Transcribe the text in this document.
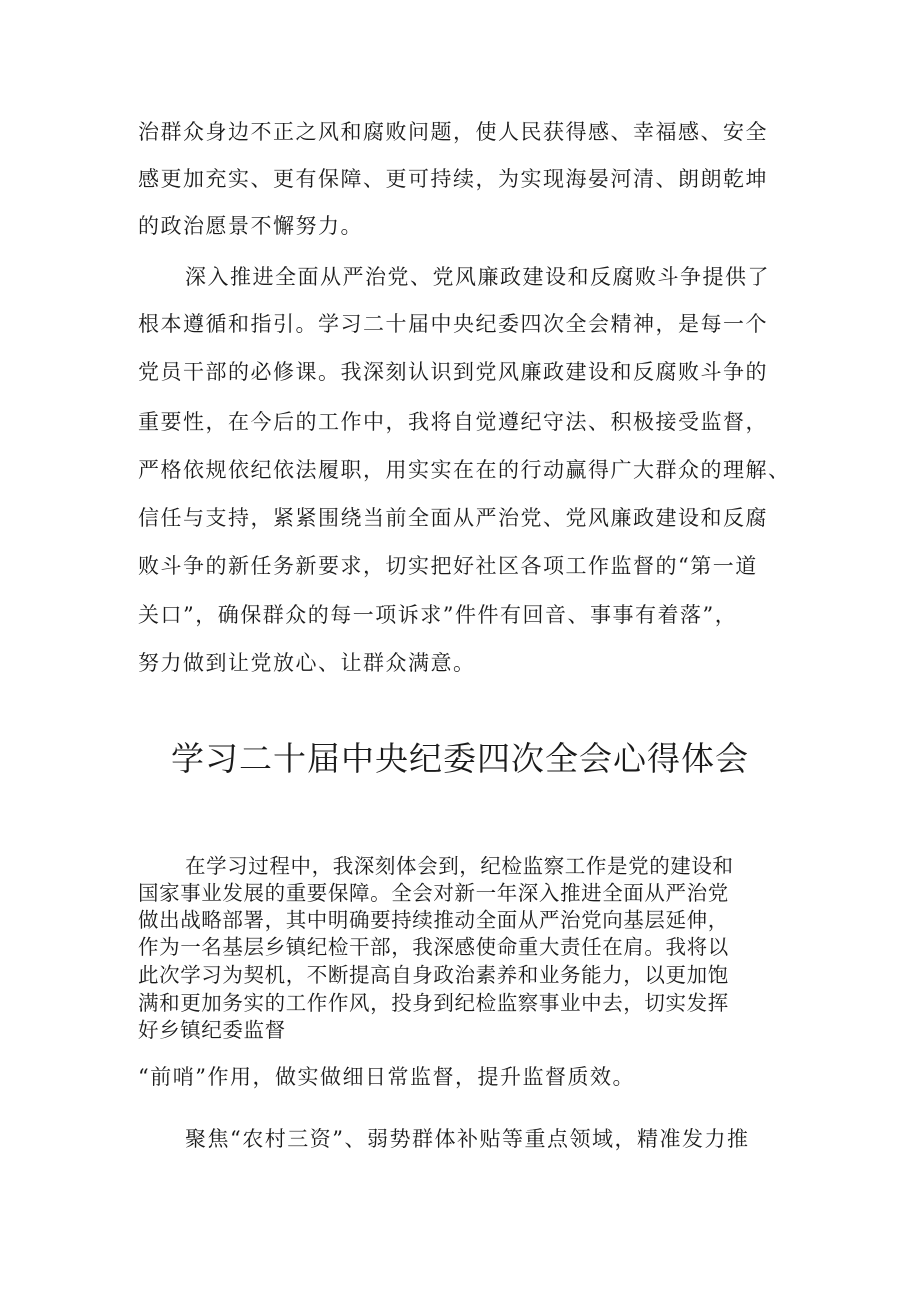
治群众身边不正之风和腐败问题，使人民获得感、幸福感、安全
感更加充实、更有保障、更可持续，为实现海晏河清、朗朗乾坤
的政治愿景不懈努力。
深入推进全面从严治党、党风廉政建设和反腐败斗争提供了
根本遵循和指引。学习二十届中央纪委四次全会精神，是每一个
党员干部的必修课。我深刻认识到党风廉政建设和反腐败斗争的
重要性，在今后的工作中，我将自觉遵纪守法、积极接受监督，
严格依规依纪依法履职，用实实在在的行动赢得广大群众的理解、
信任与支持，紧紧围绕当前全面从严治党、党风廉政建设和反腐
败斗争的新任务新要求，切实把好社区各项工作监督的“第一道
关口”，确保群众的每一项诉求”件件有回音、事事有着落”，
努力做到让党放心、让群众满意。
学习二十届中央纪委四次全会心得体会
在学习过程中，我深刻体会到，纪检监察工作是党的建设和
国家事业发展的重要保障。全会对新一年深入推进全面从严治党
做出战略部署，其中明确要持续推动全面从严治党向基层延伸，
作为一名基层乡镇纪检干部，我深感使命重大责任在肩。我将以
此次学习为契机，不断提高自身政治素养和业务能力，以更加饱
满和更加务实的工作作风，投身到纪检监察事业中去，切实发挥
好乡镇纪委监督
“前哨”作用，做实做细日常监督，提升监督质效。
聚焦“农村三资”、弱势群体补贴等重点领域，精准发力推
